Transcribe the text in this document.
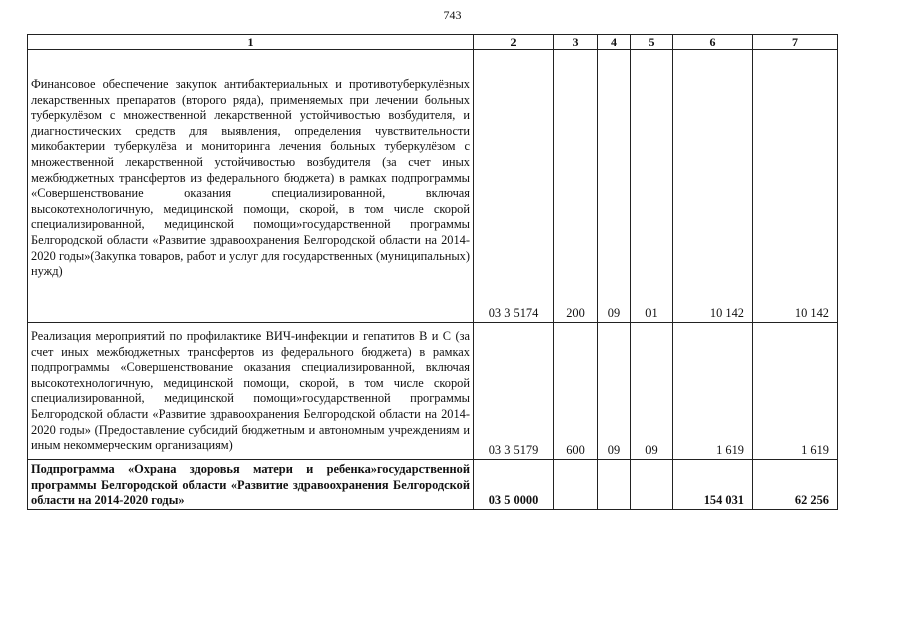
743
1	2	3	4	5	6	7
Финансовое обеспечение закупок антибактериальных и противотуберкулёзных лекарственных препаратов (второго ряда), применяемых при лечении больных туберкулёзом с множественной лекарственной устойчивостью возбудителя, и диагностических средств для выявления, определения чувствительности микобактерии туберкулёза и мониторинга лечения больных туберкулёзом с множественной лекарственной устойчивостью возбудителя (за счет иных межбюджетных трансфертов из федерального бюджета) в рамках подпрограммы «Совершенствование оказания специализированной, включая высокотехнологичную, медицинской помощи, скорой, в том числе скорой специализированной, медицинской помощи»государственной программы Белгородской области «Развитие здравоохранения Белгородской области на 2014-2020 годы»(Закупка товаров, работ и услуг для государственных (муниципальных) нужд)	03 3 5174	200	09	01	10 142	10 142
Реализация мероприятий по профилактике ВИЧ-инфекции и гепатитов В и С (за счет иных межбюджетных трансфертов из федерального бюджета) в рамках подпрограммы «Совершенствование оказания специализированной, включая высокотехнологичную, медицинской помощи, скорой, в том числе скорой специализированной, медицинской помощи»государственной программы Белгородской области «Развитие здравоохранения Белгородской области на 2014-2020 годы» (Предоставление субсидий бюджетным и автономным учреждениям и иным некоммерческим организациям)	03 3 5179	600	09	09	1 619	1 619
Подпрограмма «Охрана здоровья матери и ребенка»государственной программы Белгородской области «Развитие здравоохранения Белгородской области на 2014-2020 годы»	03 5 0000				154 031	62 256
